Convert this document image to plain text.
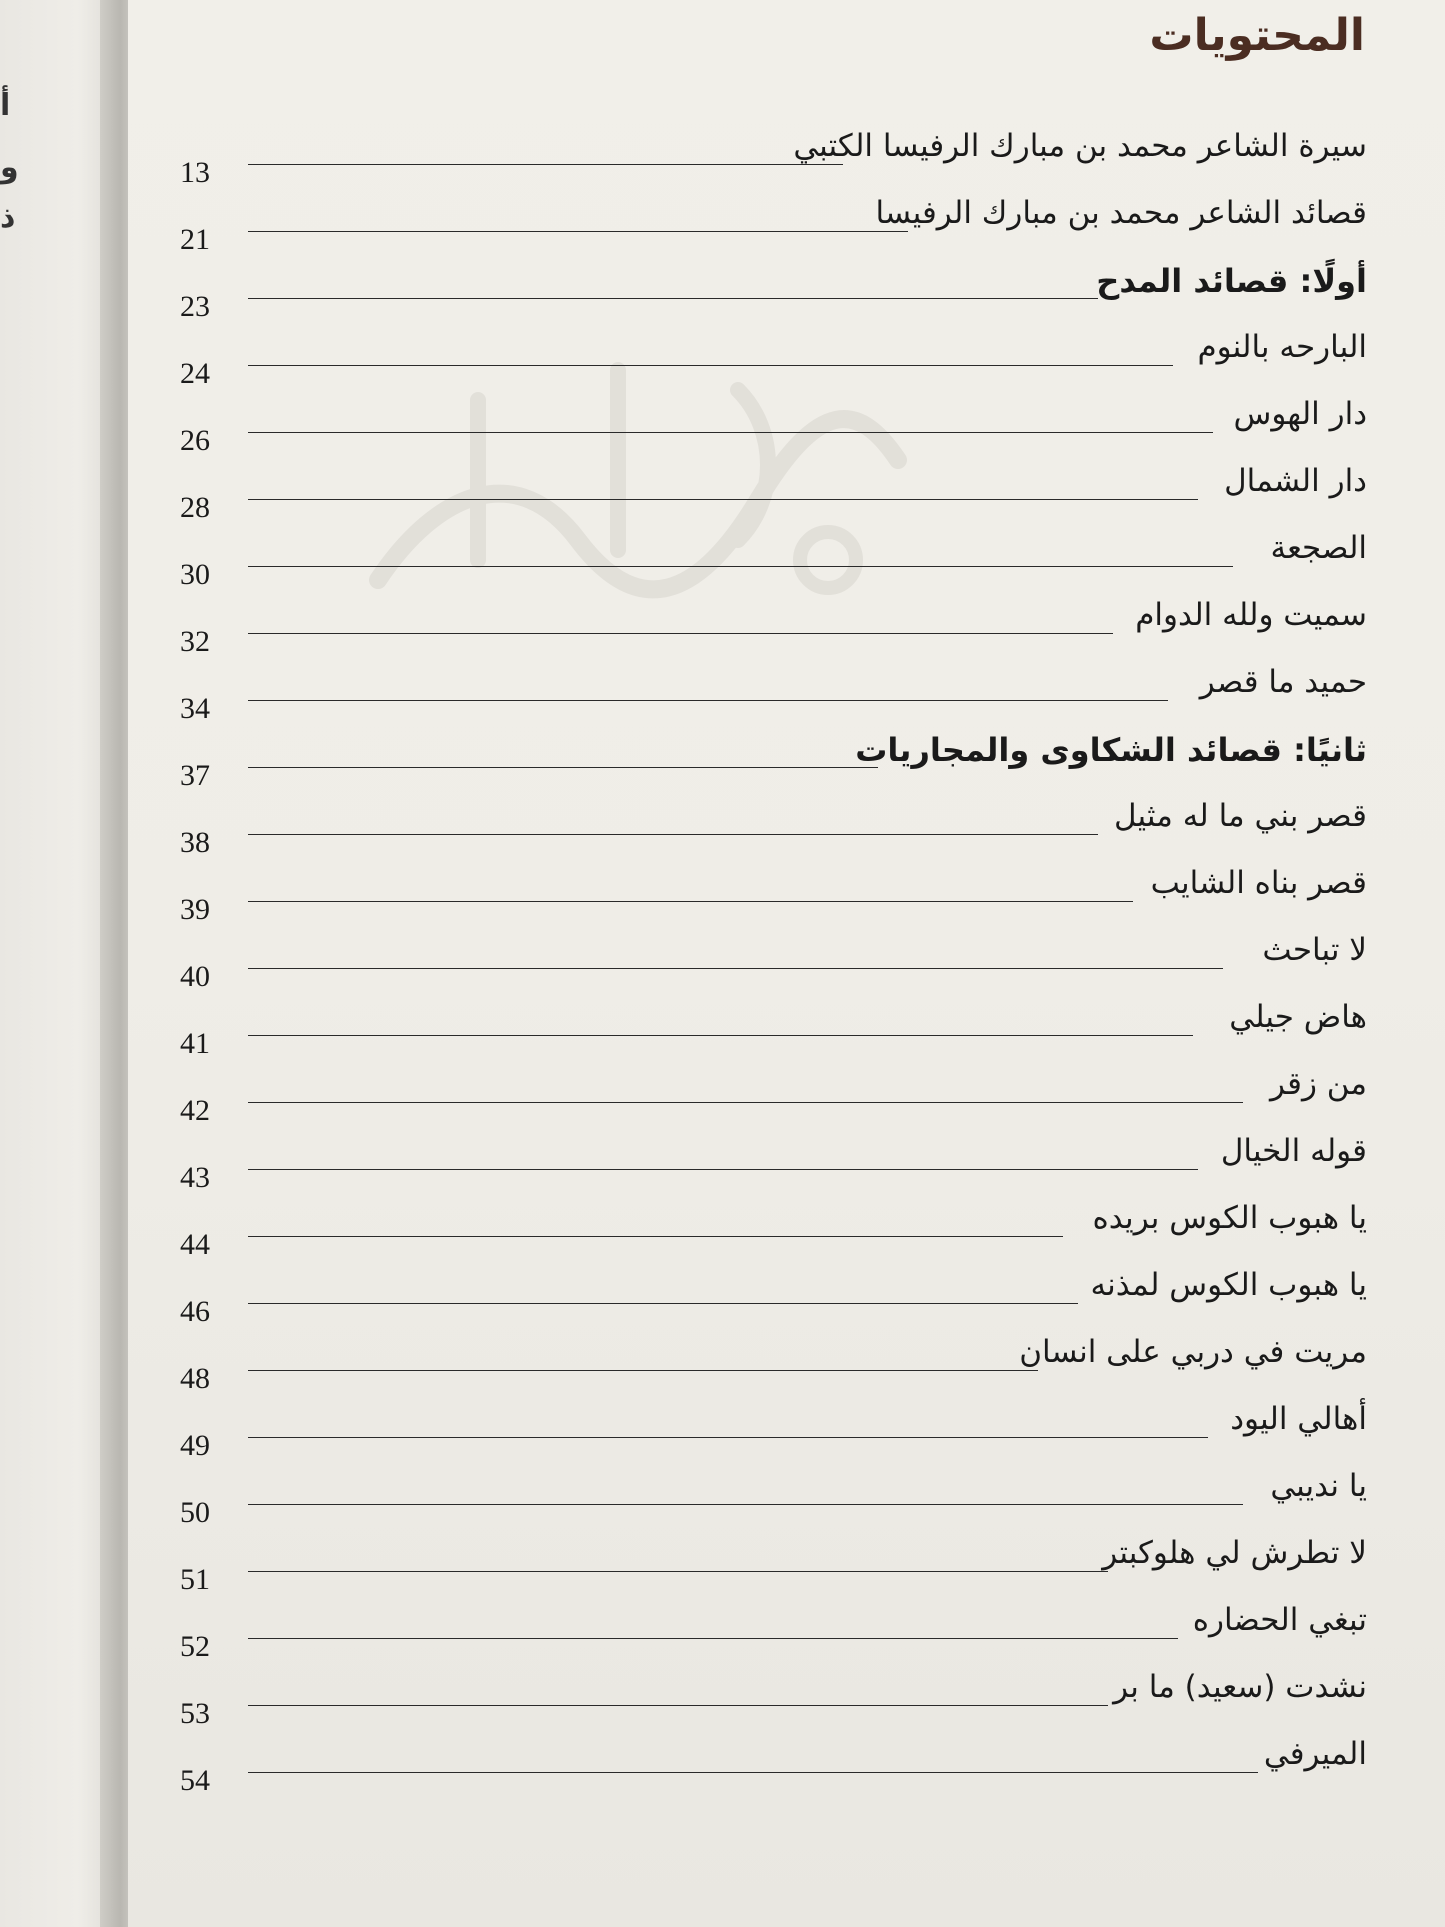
أ
و
ذ
المحتويات
سيرة الشاعر محمد بن مبارك الرفيسا الكتبي
13
قصائد الشاعر محمد بن مبارك الرفيسا
21
أولًا: قصائد المدح
23
البارحه بالنوم
24
دار الهوس
26
دار الشمال
28
الصجعة
30
سميت ولله الدوام
32
حميد ما قصر
34
ثانيًا: قصائد الشكاوى والمجاريات
37
قصر بني ما له مثيل
38
قصر بناه الشايب
39
لا تباحث
40
هاض جيلي
41
من زقر
42
قوله الخيال
43
يا هبوب الكوس بريده
44
يا هبوب الكوس لمذنه
46
مريت في دربي على انسان
48
أهالي اليود
49
يا نديبي
50
لا تطرش لي هلوكبتر
51
تبغي الحضاره
52
نشدت (سعيد) ما بر
53
الميرفي
54
